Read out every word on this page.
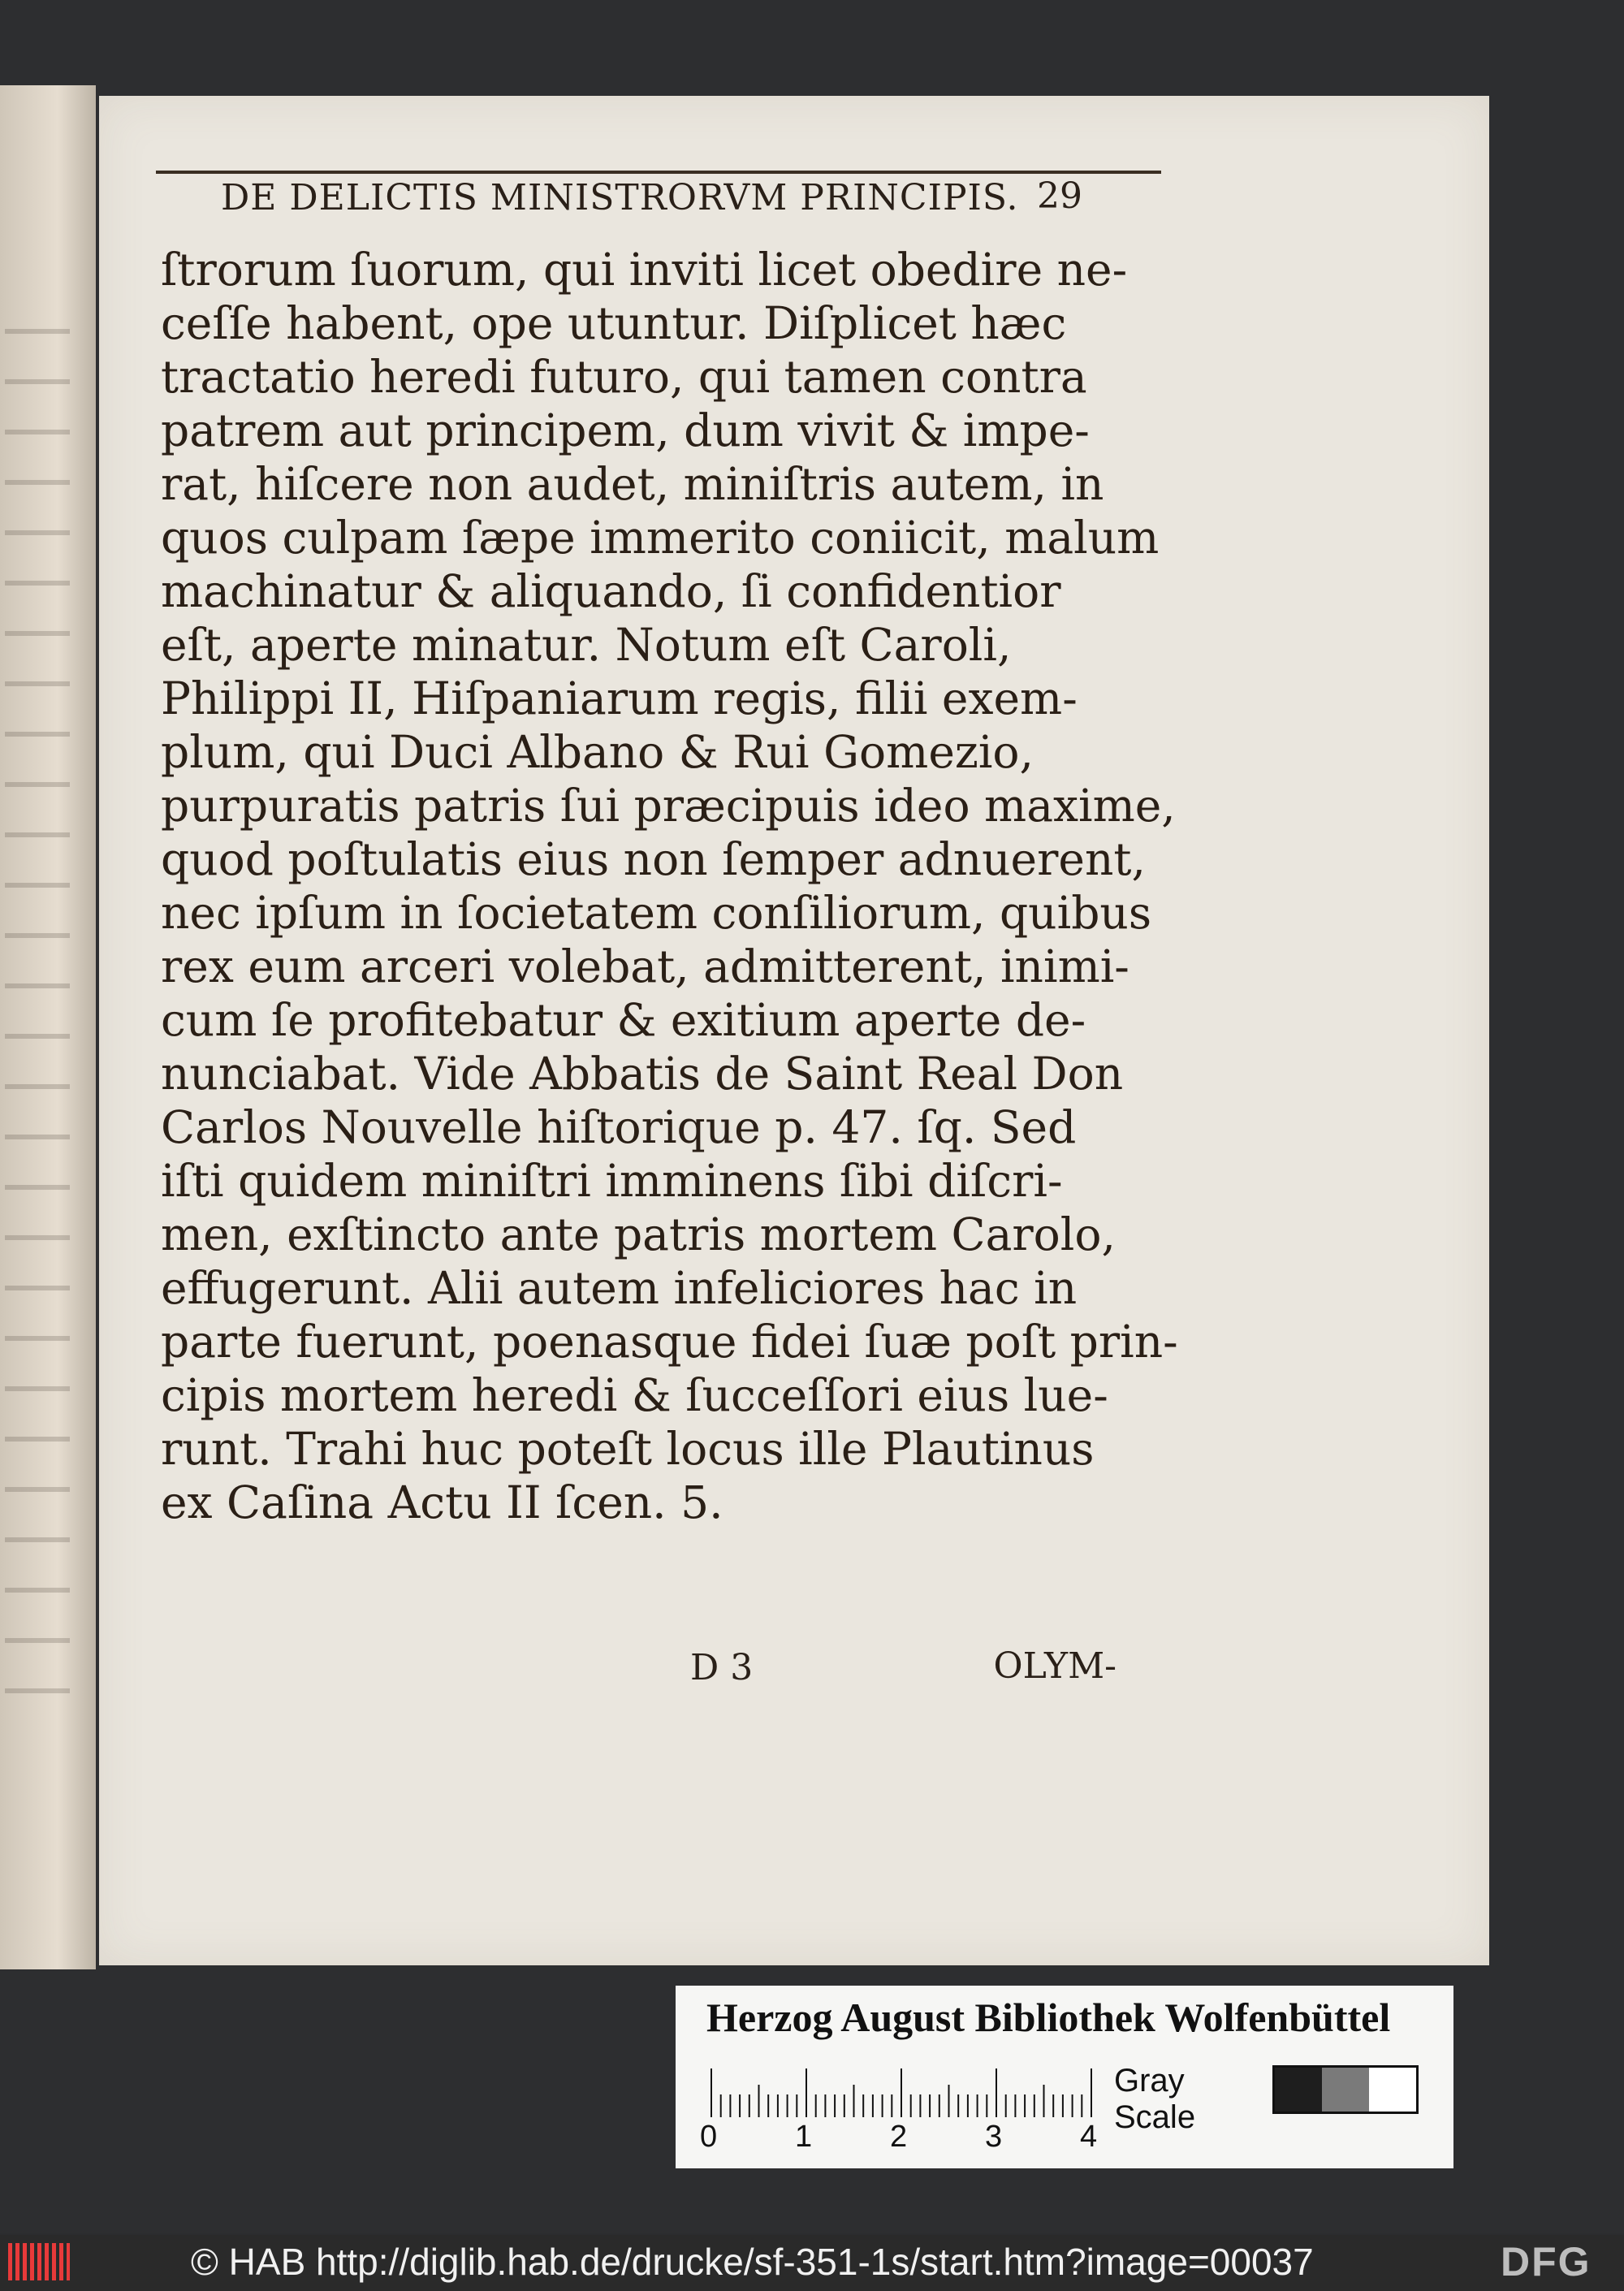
DE DELICTIS MINISTRORVM PRINCIPIS. 29
ſtrorum ſuorum, qui inviti licet obedire ne-
ceſſe habent, ope utuntur. Diſplicet hæc
tractatio heredi futuro, qui tamen contra
patrem aut principem, dum vivit & impe-
rat, hiſcere non audet, miniſtris autem, in
quos culpam ſæpe immerito coniicit, malum
machinatur & aliquando, ſi confidentior
eſt, aperte minatur. Notum eſt Caroli,
Philippi II, Hiſpaniarum regis, filii exem-
plum, qui Duci Albano & Rui Gomezio,
purpuratis patris ſui præcipuis ideo maxime,
quod poſtulatis eius non ſemper adnuerent,
nec ipſum in ſocietatem conſiliorum, quibus
rex eum arceri volebat, admitterent, inimi-
cum ſe profitebatur & exitium aperte de-
nunciabat. Vide Abbatis de Saint Real Don
Carlos Nouvelle hiſtorique p. 47. ſq. Sed
iſti quidem miniſtri imminens ſibi diſcri-
men, exſtincto ante patris mortem Carolo,
effugerunt. Alii autem infeliciores hac in
parte fuerunt, poenasque fidei ſuæ poſt prin-
cipis mortem heredi & ſucceſſori eius lue-
runt. Trahi huc poteſt locus ille Plautinus
ex Caſina Actu II ſcen. 5.
D 3	OLYM-
Herzog August Bibliothek Wolfenbüttel
Gray Scale
0	1	2	3	4
© HAB http://diglib.hab.de/drucke/sf-351-1s/start.htm?image=00037	DFG
